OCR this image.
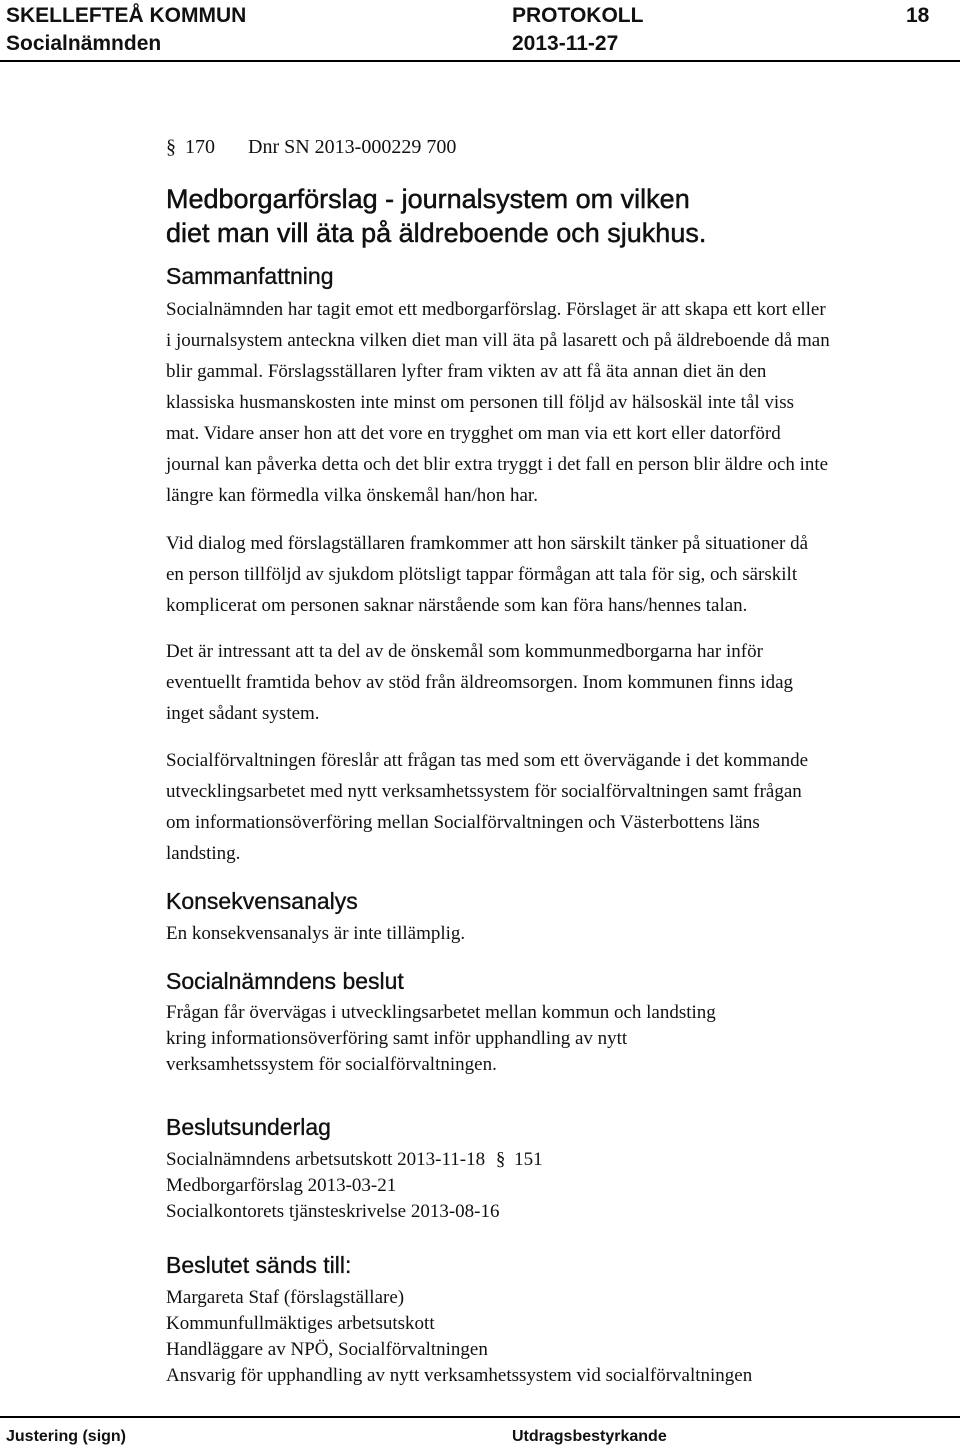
SKELLEFTEÅ KOMMUN	PROTOKOLL	18
Socialnämnden	2013-11-27
§ 170 Dnr SN 2013-000229 700
Medborgarförslag - journalsystem om vilken
diet man vill äta på äldreboende och sjukhus.
Sammanfattning
Socialnämnden har tagit emot ett medborgarförslag. Förslaget är att skapa ett kort eller
i journalsystem anteckna vilken diet man vill äta på lasarett och på äldreboende då man
blir gammal. Förslagsställaren lyfter fram vikten av att få äta annan diet än den
klassiska husmanskosten inte minst om personen till följd av hälsoskäl inte tål viss
mat. Vidare anser hon att det vore en trygghet om man via ett kort eller datorförd
journal kan påverka detta och det blir extra tryggt i det fall en person blir äldre och inte
längre kan förmedla vilka önskemål han/hon har.
Vid dialog med förslagställaren framkommer att hon särskilt tänker på situationer då
en person tillföljd av sjukdom plötsligt tappar förmågan att tala för sig, och särskilt
komplicerat om personen saknar närstående som kan föra hans/hennes talan.
Det är intressant att ta del av de önskemål som kommunmedborgarna har inför
eventuellt framtida behov av stöd från äldreomsorgen. Inom kommunen finns idag
inget sådant system.
Socialförvaltningen föreslår att frågan tas med som ett övervägande i det kommande
utvecklingsarbetet med nytt verksamhetssystem för socialförvaltningen samt frågan
om informationsöverföring mellan Socialförvaltningen och Västerbottens läns
landsting.
Konsekvensanalys
En konsekvensanalys är inte tillämplig.
Socialnämndens beslut
Frågan får övervägas i utvecklingsarbetet mellan kommun och landsting
kring informationsöverföring samt inför upphandling av nytt
verksamhetssystem för socialförvaltningen.
Beslutsunderlag
Socialnämndens arbetsutskott 2013-11-18 § 151
Medborgarförslag 2013-03-21
Socialkontorets tjänsteskrivelse 2013-08-16
Beslutet sänds till:
Margareta Staf (förslagställare)
Kommunfullmäktiges arbetsutskott
Handläggare av NPÖ, Socialförvaltningen
Ansvarig för upphandling av nytt verksamhetssystem vid socialförvaltningen
Justering (sign)	Utdragsbestyrkande
